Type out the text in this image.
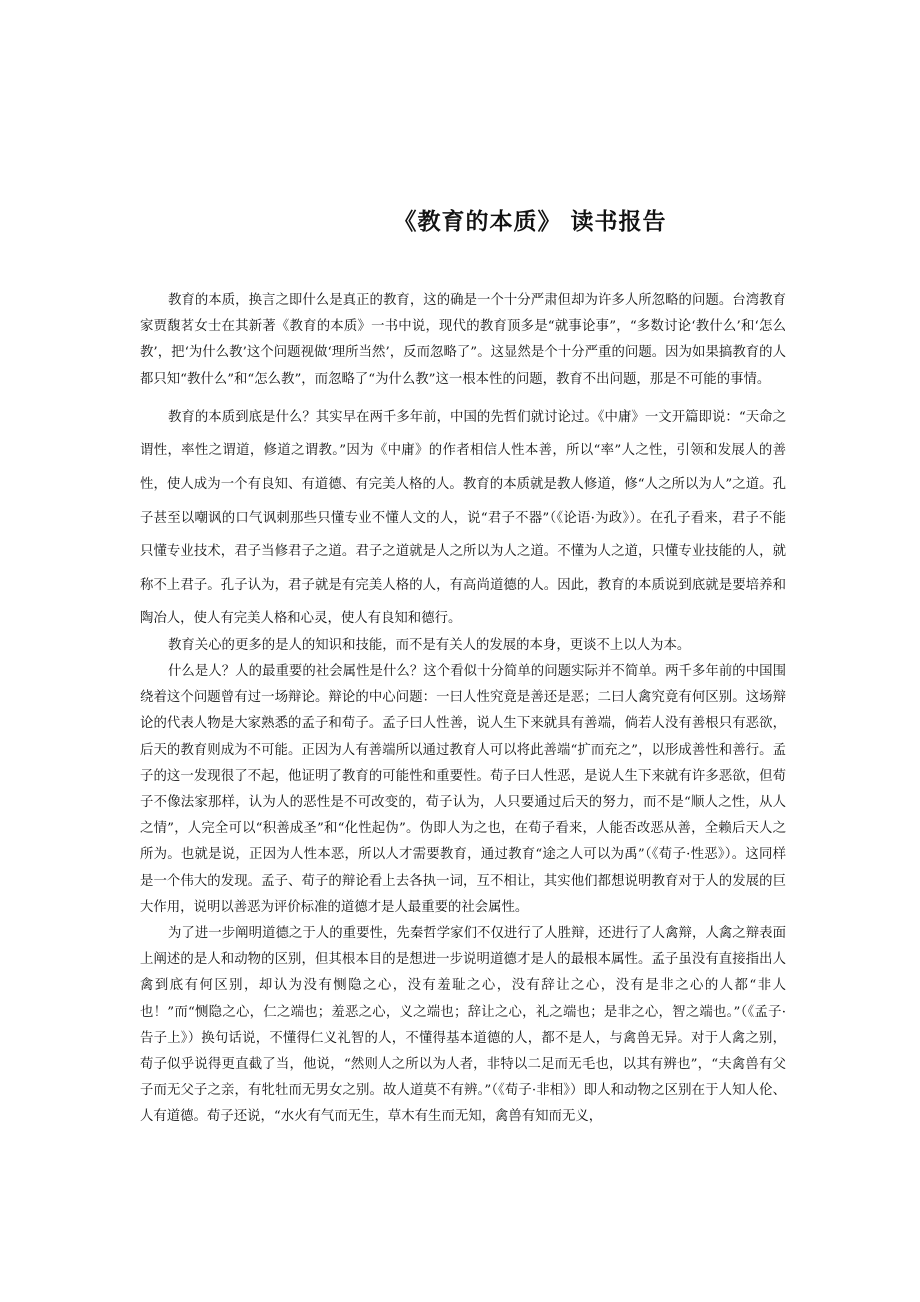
《教育的本质》 读书报告

教育的本质，换言之即什么是真正的教育，这的确是一个十分严肃但却为许多人所忽略的问题。台湾教育家贾馥茗女士在其新著《教育的本质》一书中说，现代的教育顶多是“就事论事”，“多数讨论‘教什么’和‘怎么教’，把‘为什么教’这个问题视做‘理所当然’，反而忽略了”。这显然是个十分严重的问题。因为如果搞教育的人都只知“教什么”和“怎么教”，而忽略了“为什么教”这一根本性的问题，教育不出问题，那是不可能的事情。

教育的本质到底是什么？其实早在两千多年前，中国的先哲们就讨论过。《中庸》一文开篇即说：“天命之谓性，率性之谓道，修道之谓教。”因为《中庸》的作者相信人性本善，所以“率”人之性，引领和发展人的善性，使人成为一个有良知、有道德、有完美人格的人。教育的本质就是教人修道，修“人之所以为人”之道。孔子甚至以嘲讽的口气讽刺那些只懂专业不懂人文的人，说“君子不器”（《论语·为政》）。在孔子看来，君子不能只懂专业技术，君子当修君子之道。君子之道就是人之所以为人之道。不懂为人之道，只懂专业技能的人，就称不上君子。孔子认为，君子就是有完美人格的人，有高尚道德的人。因此，教育的本质说到底就是要培养和陶冶人，使人有完美人格和心灵，使人有良知和德行。

教育关心的更多的是人的知识和技能，而不是有关人的发展的本身，更谈不上以人为本。

什么是人？人的最重要的社会属性是什么？这个看似十分简单的问题实际并不简单。两千多年前的中国围绕着这个问题曾有过一场辩论。辩论的中心问题：一曰人性究竟是善还是恶；二曰人禽究竟有何区别。这场辩论的代表人物是大家熟悉的孟子和荀子。孟子曰人性善，说人生下来就具有善端，倘若人没有善根只有恶欲，后天的教育则成为不可能。正因为人有善端所以通过教育人可以将此善端“扩而充之”，以形成善性和善行。孟子的这一发现很了不起，他证明了教育的可能性和重要性。荀子曰人性恶，是说人生下来就有许多恶欲，但荀子不像法家那样，认为人的恶性是不可改变的，荀子认为，人只要通过后天的努力，而不是“顺人之性，从人之情”，人完全可以“积善成圣”和“化性起伪”。伪即人为之也，在荀子看来，人能否改恶从善，全赖后天人之所为。也就是说，正因为人性本恶，所以人才需要教育，通过教育“途之人可以为禹”（《荀子·性恶》）。这同样是一个伟大的发现。孟子、荀子的辩论看上去各执一词，互不相让，其实他们都想说明教育对于人的发展的巨大作用，说明以善恶为评价标准的道德才是人最重要的社会属性。

为了进一步阐明道德之于人的重要性，先秦哲学家们不仅进行了人胜辩，还进行了人禽辩，人禽之辩表面上阐述的是人和动物的区别，但其根本目的是想进一步说明道德才是人的最根本属性。孟子虽没有直接指出人禽到底有何区别，却认为没有恻隐之心，没有羞耻之心，没有辞让之心，没有是非之心的人都“非人也！”而“恻隐之心，仁之端也；羞恶之心，义之端也；辞让之心，礼之端也；是非之心，智之端也。”（《孟子·告子上》）换句话说，不懂得仁义礼智的人，不懂得基本道德的人，都不是人，与禽兽无异。对于人禽之别，荀子似乎说得更直截了当，他说，“然则人之所以为人者，非特以二足而无毛也，以其有辨也”，“夫禽兽有父子而无父子之亲，有牝牡而无男女之别。故人道莫不有辨。”（《荀子·非相》）即人和动物之区别在于人知人伦、人有道德。荀子还说，“水火有气而无生，草木有生而无知，禽兽有知而无义，
